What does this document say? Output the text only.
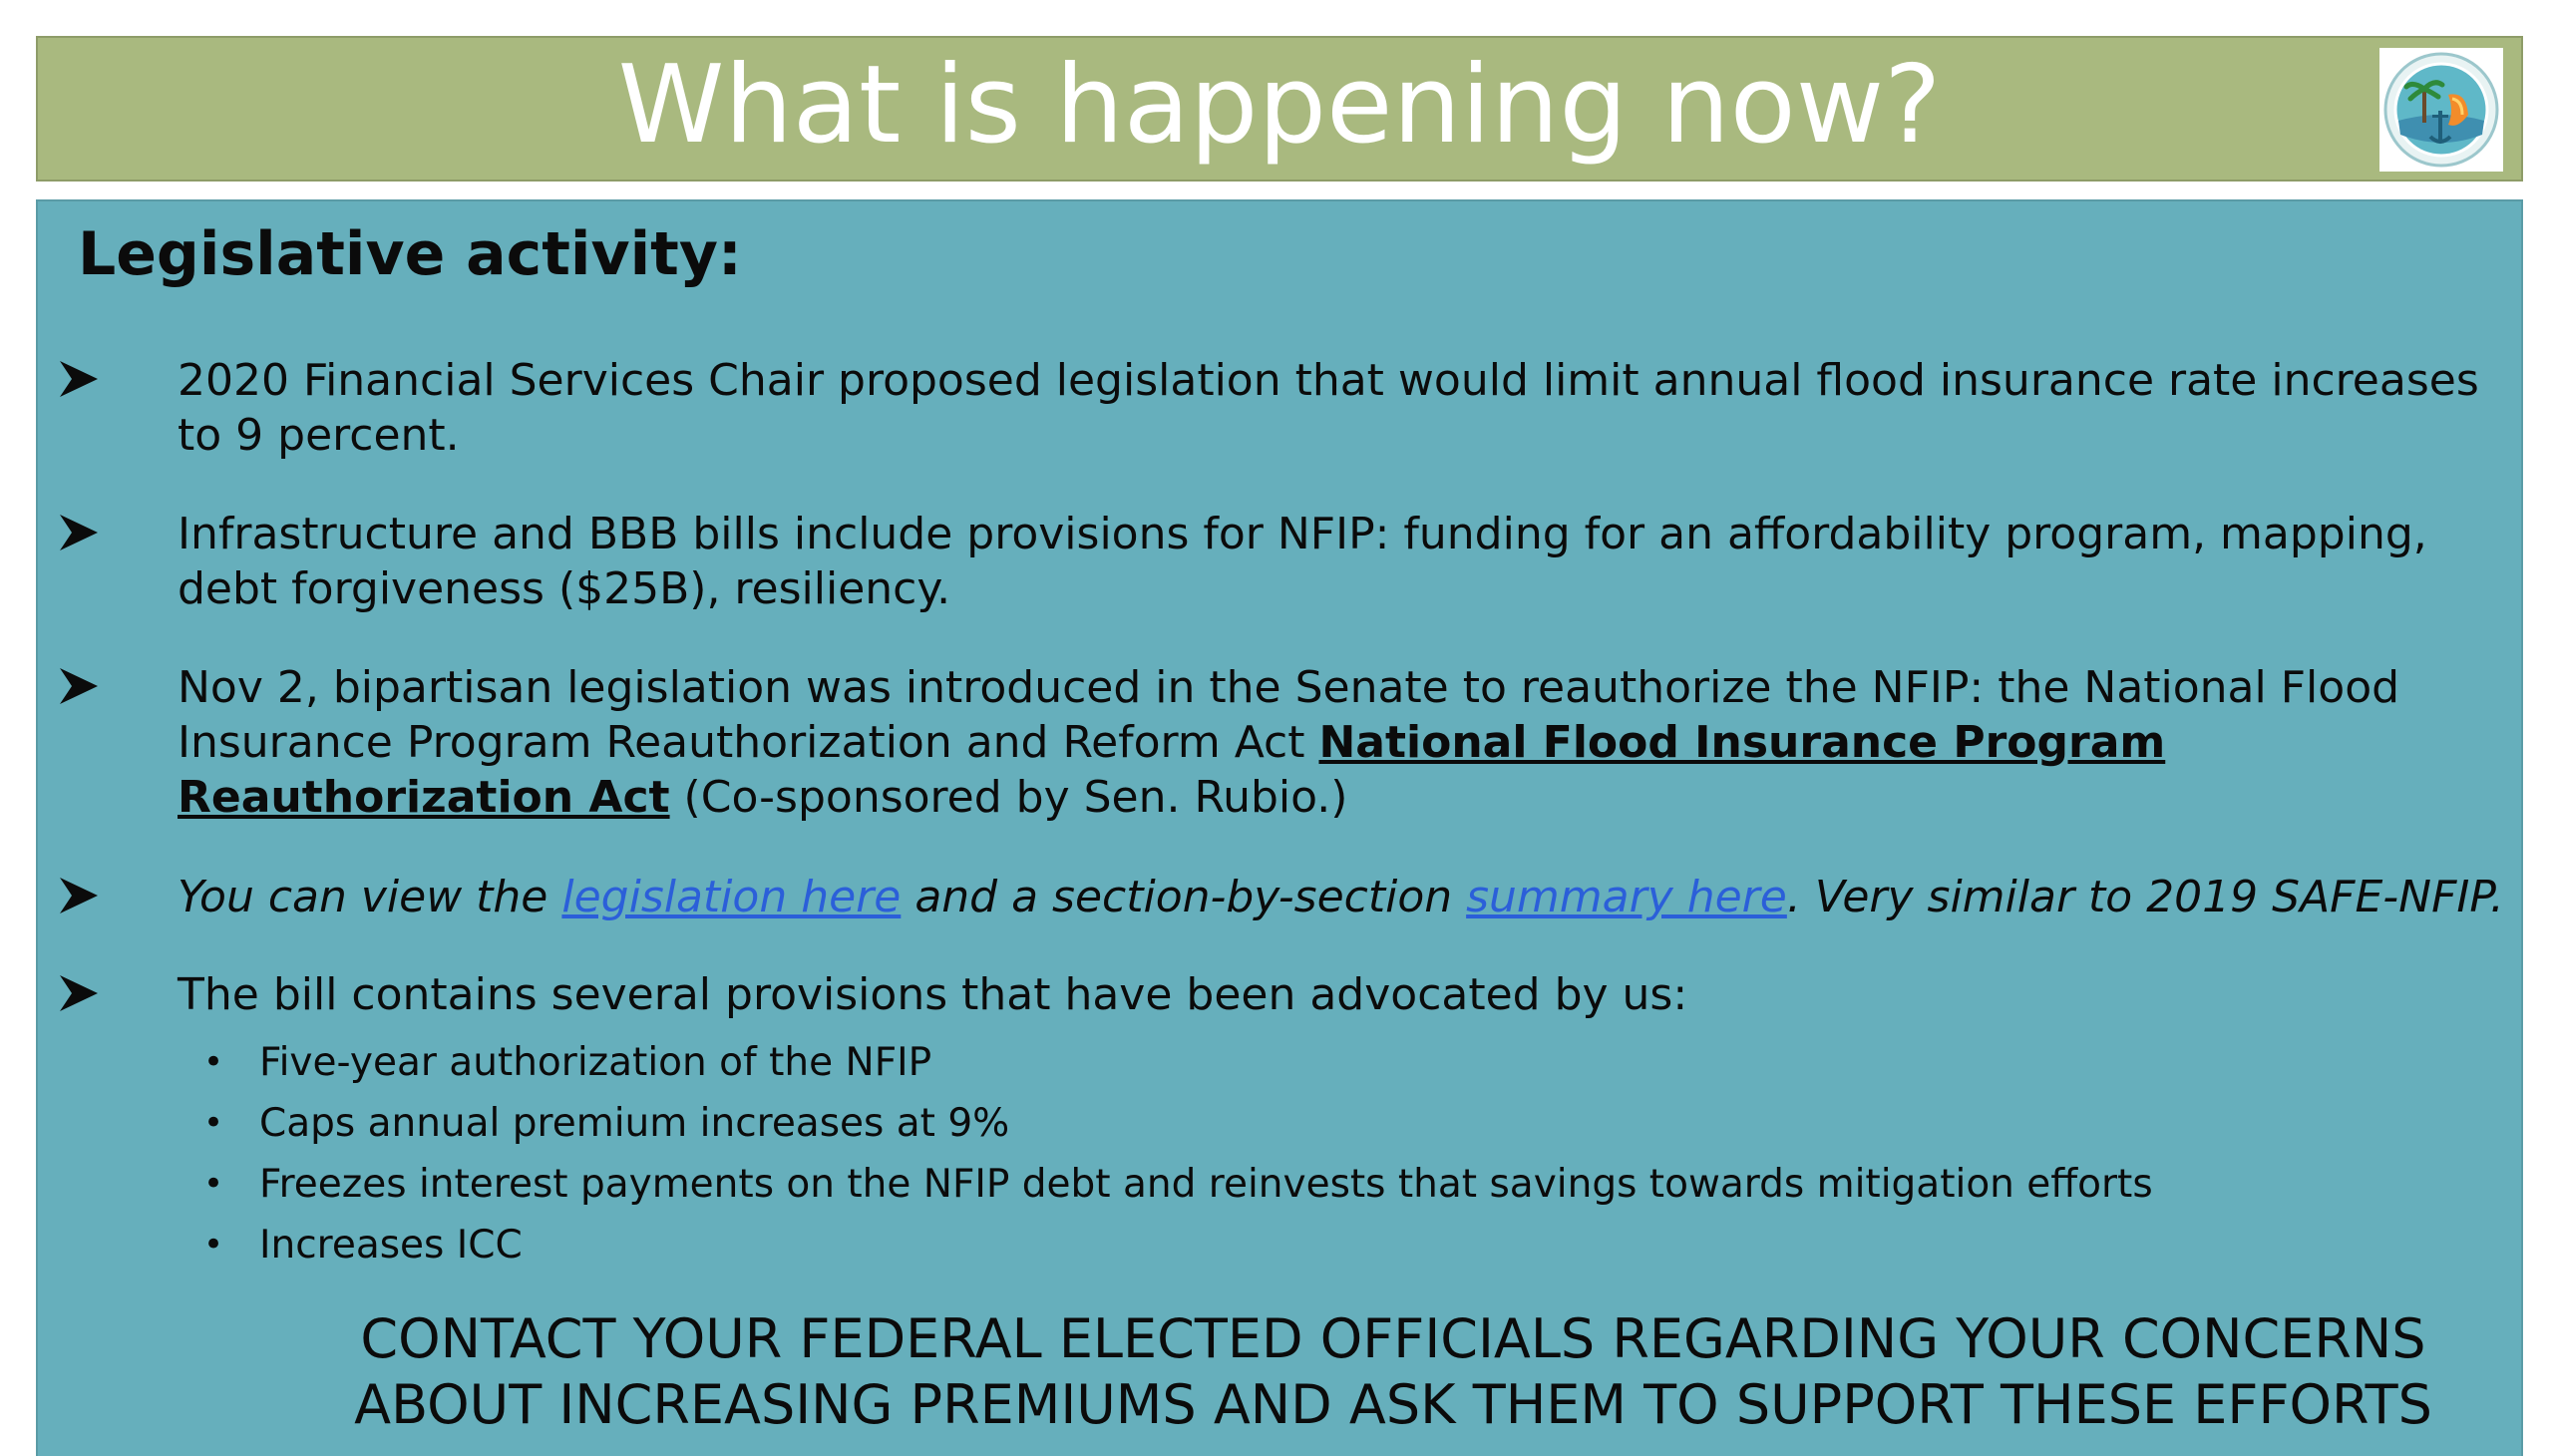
What is happening now?
Legislative activity:
2020 Financial Services Chair proposed legislation that would limit annual flood insurance rate increases to 9 percent.
Infrastructure and BBB bills include provisions for NFIP: funding for an affordability program, mapping, debt forgiveness ($25B), resiliency.
Nov 2, bipartisan legislation was introduced in the Senate to reauthorize the NFIP: the National Flood Insurance Program Reauthorization and Reform Act National Flood Insurance Program Reauthorization Act (Co-sponsored by Sen. Rubio.)
You can view the legislation here and a section-by-section summary here. Very similar to 2019 SAFE-NFIP.
The bill contains several provisions that have been advocated by us:
• Five-year authorization of the NFIP
• Caps annual premium increases at 9%
• Freezes interest payments on the NFIP debt and reinvests that savings towards mitigation efforts
• Increases ICC
CONTACT YOUR FEDERAL ELECTED OFFICIALS REGARDING YOUR CONCERNS
ABOUT INCREASING PREMIUMS AND ASK THEM TO SUPPORT THESE EFFORTS
